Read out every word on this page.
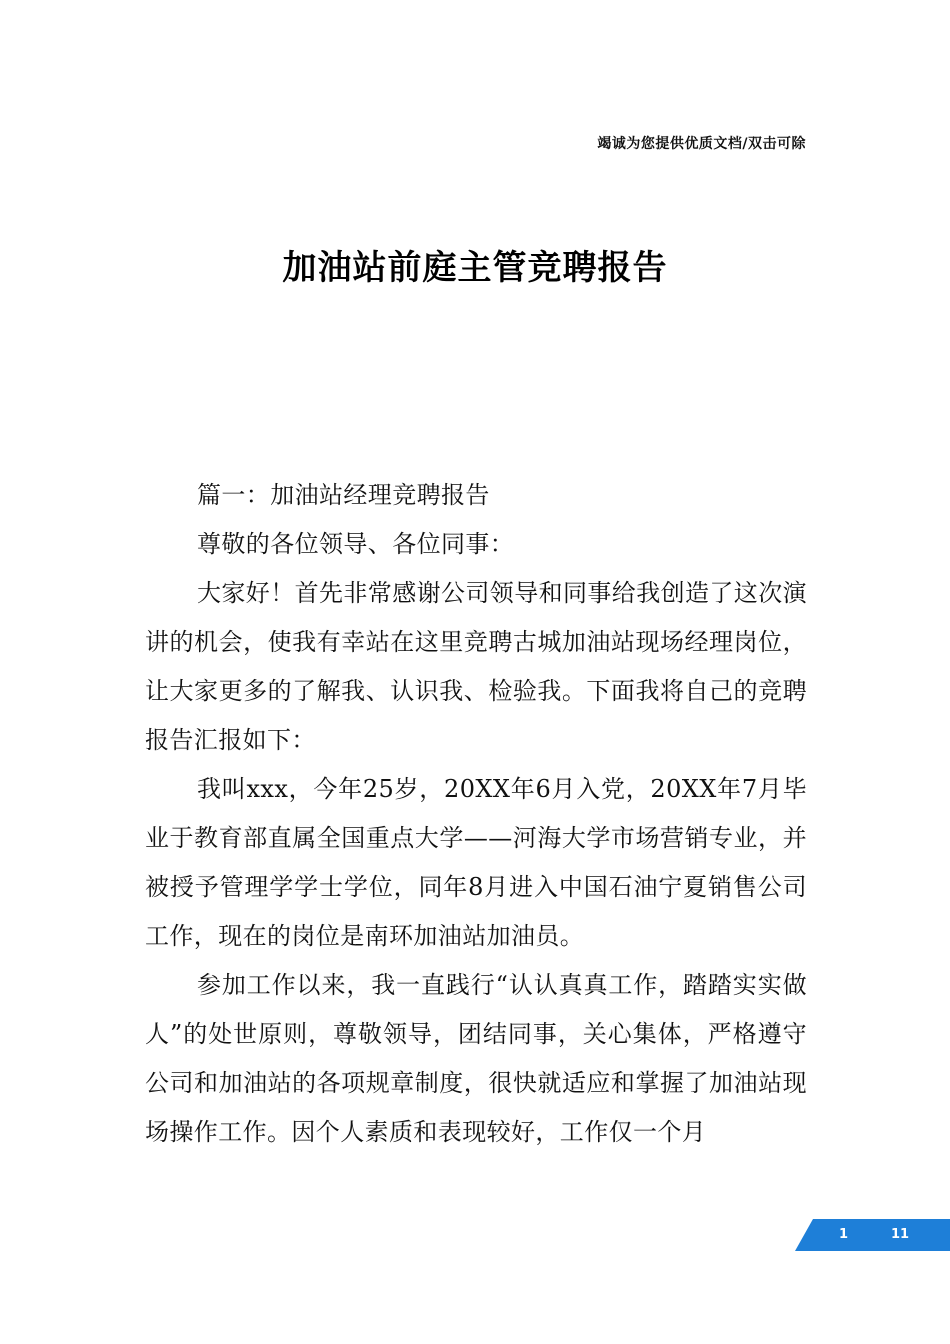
竭诚为您提供优质文档/双击可除
加油站前庭主管竞聘报告

篇一：加油站经理竞聘报告

尊敬的各位领导、各位同事：

大家好！首先非常感谢公司领导和同事给我创造了这次演讲的机会，使我有幸站在这里竞聘古城加油站现场经理岗位，让大家更多的了解我、认识我、检验我。下面我将自己的竞聘报告汇报如下：

我叫xxx，今年25岁，20XX年6月入党，20XX年7月毕业于教育部直属全国重点大学——河海大学市场营销专业，并被授予管理学学士学位，同年8月进入中国石油宁夏销售公司工作，现在的岗位是南环加油站加油员。

参加工作以来，我一直践行“认认真真工作，踏踏实实做人”的处世原则，尊敬领导，团结同事，关心集体，严格遵守公司和加油站的各项规章制度，很快就适应和掌握了加油站现场操作工作。因个人素质和表现较好，工作仅一个月

1	11
